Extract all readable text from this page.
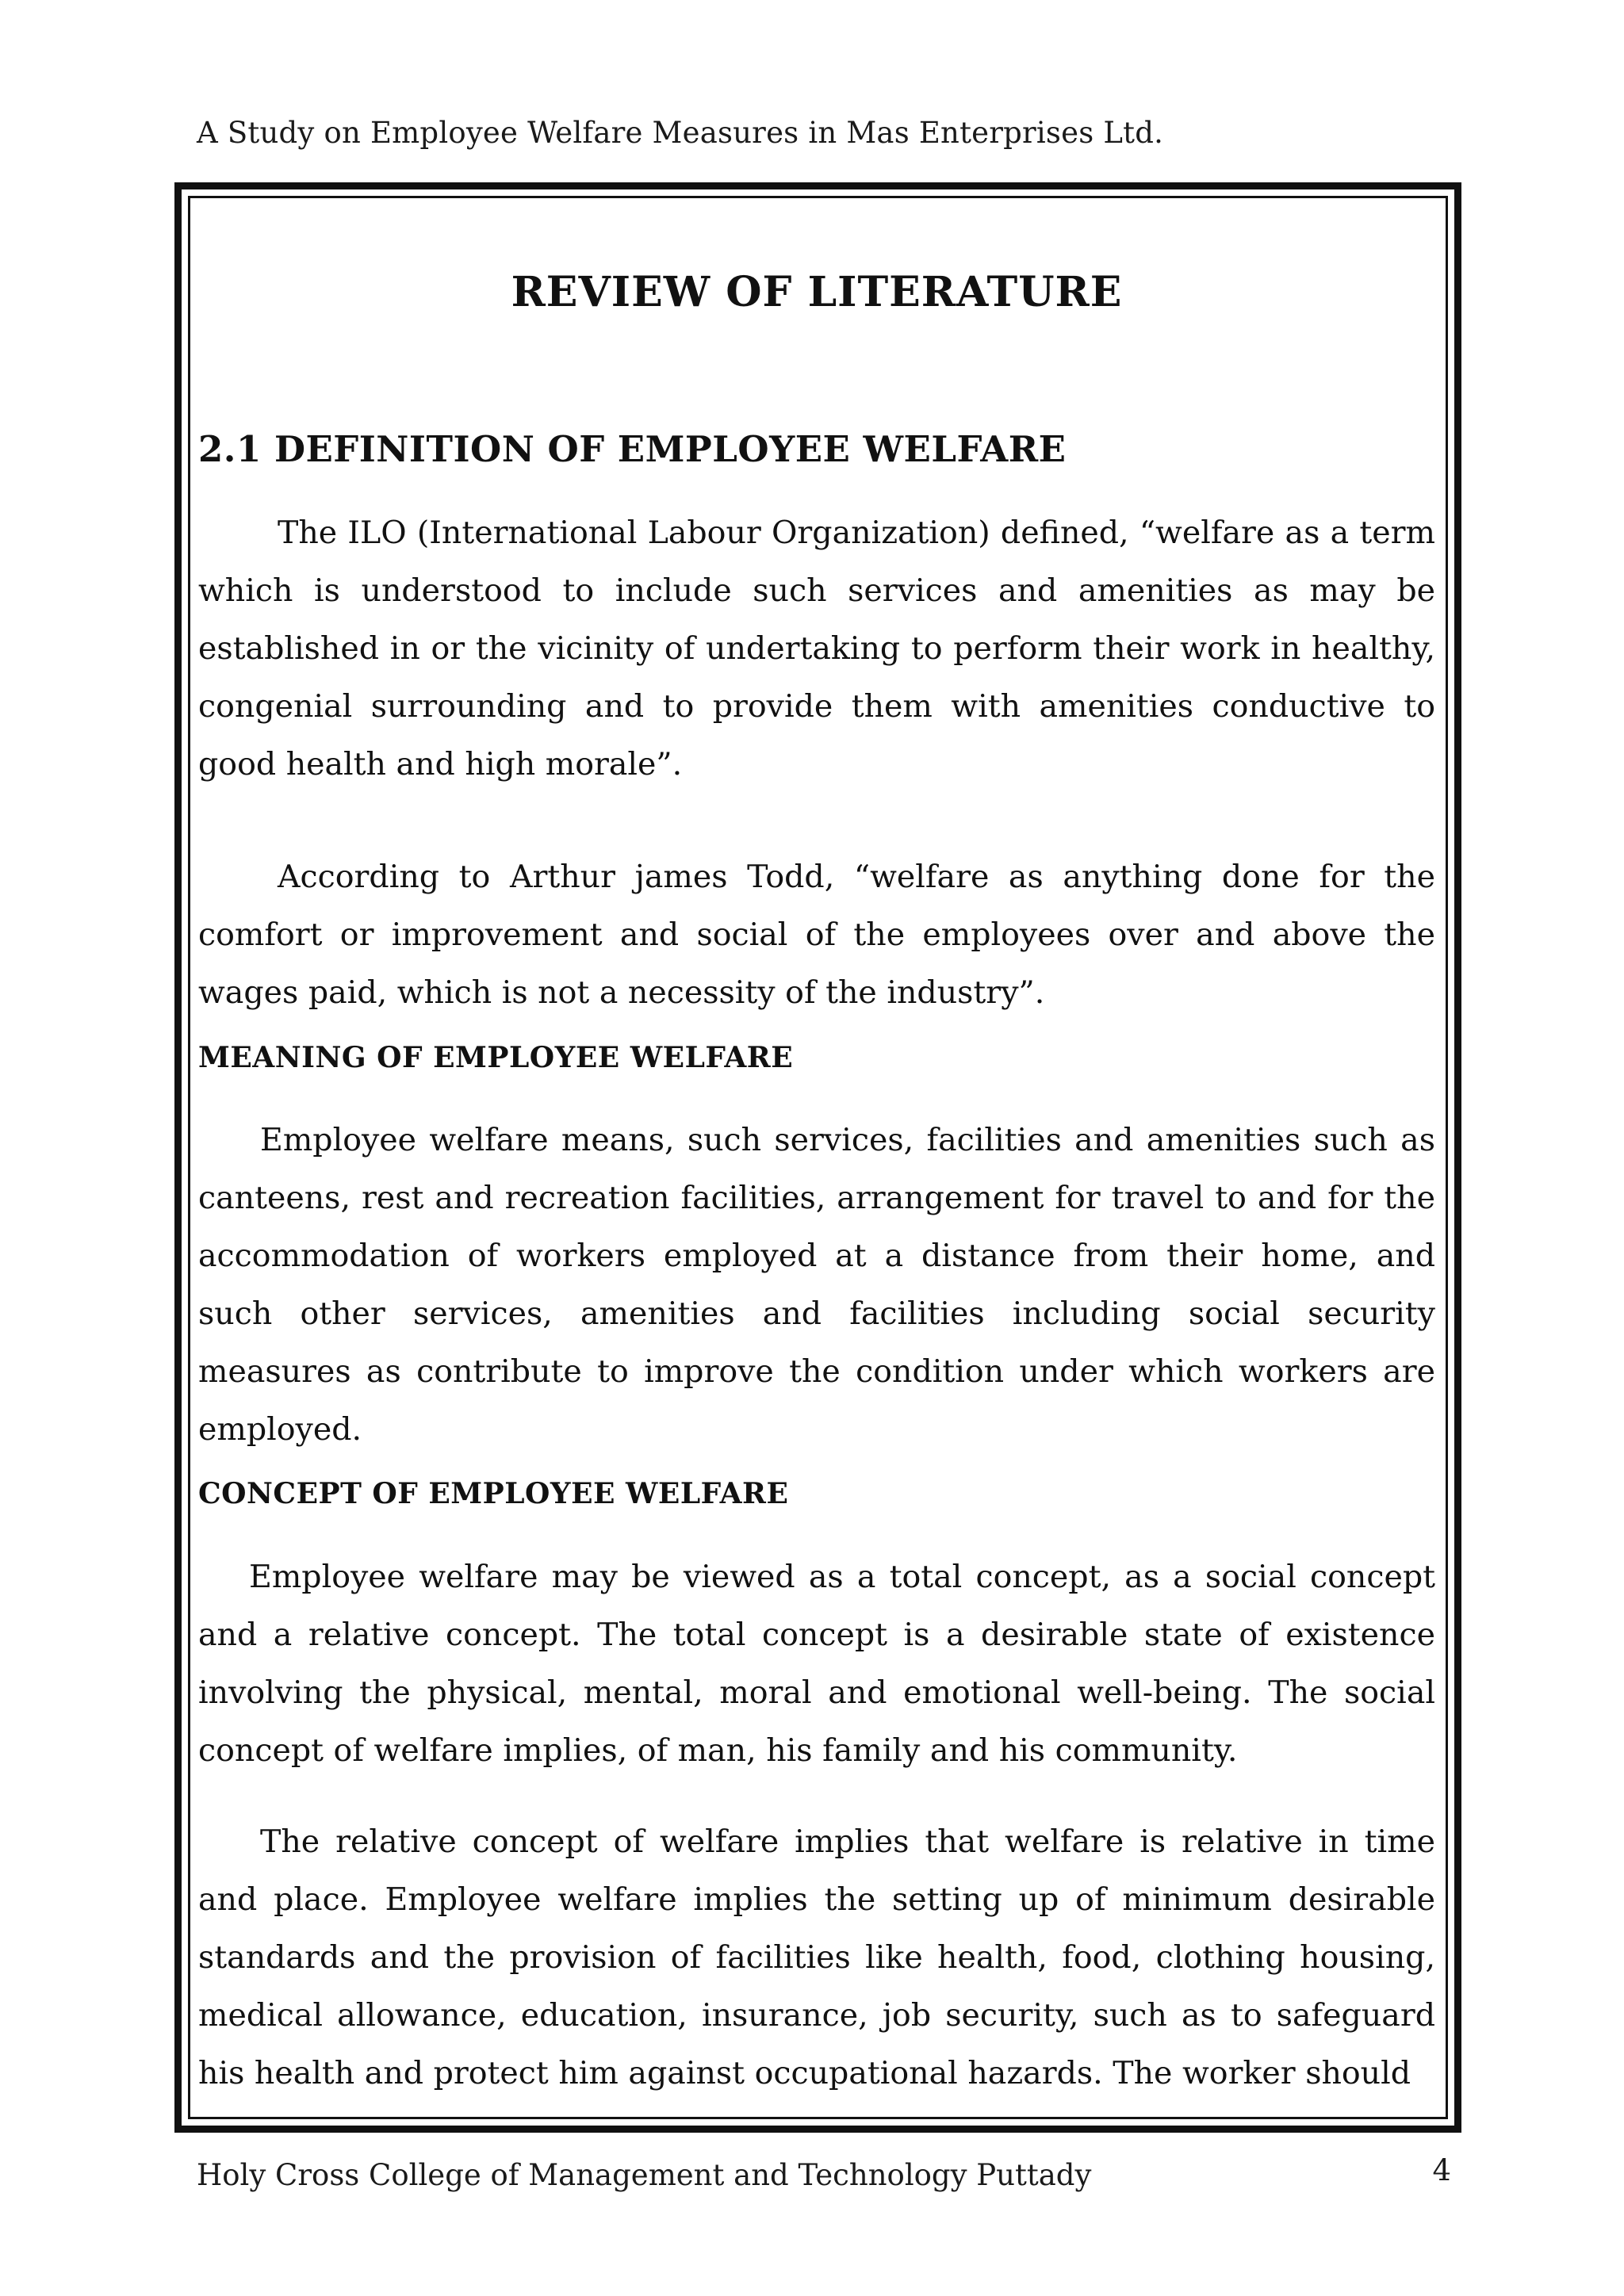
A Study on Employee Welfare Measures in Mas Enterprises Ltd.
REVIEW OF LITERATURE
2.1 DEFINITION OF EMPLOYEE WELFARE
The ILO (International Labour Organization) defined, “welfare as a term which is understood to include such services and amenities as may be established in or the vicinity of undertaking to perform their work in healthy, congenial surrounding and to provide them with amenities conductive to good health and high morale”.
According to Arthur james Todd, “welfare as anything done for the comfort or improvement and social of the employees over and above the wages paid, which is not a necessity of the industry”.
MEANING OF EMPLOYEE WELFARE
Employee welfare means, such services, facilities and amenities such as canteens, rest and recreation facilities, arrangement for travel to and for the accommodation of workers employed at a distance from their home, and such other services, amenities and facilities including social security measures as contribute to improve the condition under which workers are employed.
CONCEPT OF EMPLOYEE WELFARE
Employee welfare may be viewed as a total concept, as a social concept and a relative concept. The total concept is a desirable state of existence involving the physical, mental, moral and emotional well-being. The social concept of welfare implies, of man, his family and his community.
The relative concept of welfare implies that welfare is relative in time and place. Employee welfare implies the setting up of minimum desirable standards and the provision of facilities like health, food, clothing housing, medical allowance, education, insurance, job security, such as to safeguard his health and protect him against occupational hazards. The worker should
Holy Cross College of Management and Technology Puttady	4
